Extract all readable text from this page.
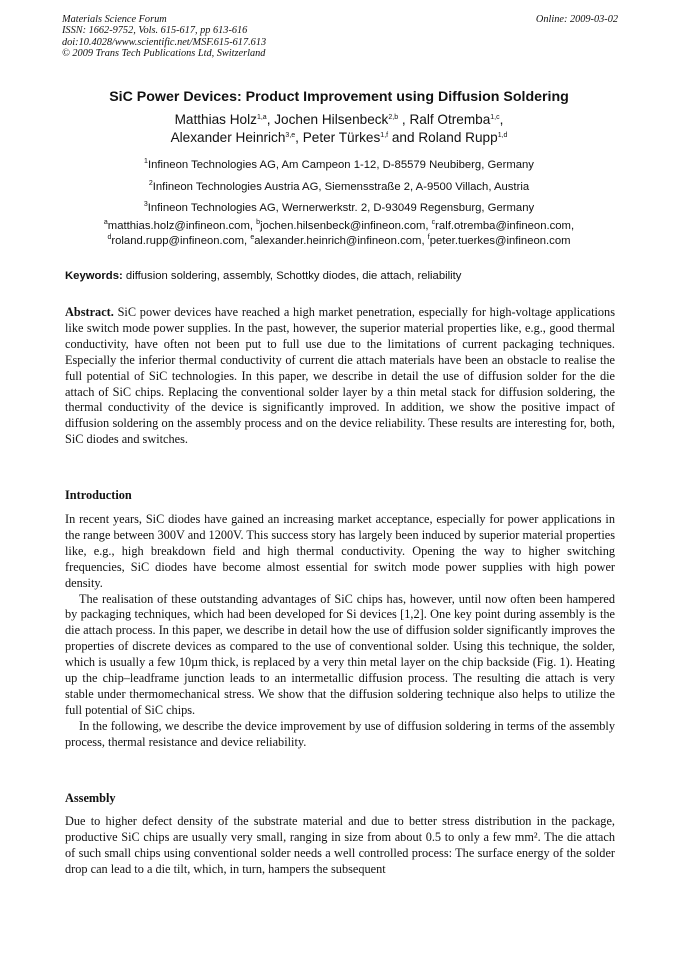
Materials Science Forum
ISSN: 1662-9752, Vols. 615-617, pp 613-616
doi:10.4028/www.scientific.net/MSF.615-617.613
© 2009 Trans Tech Publications Ltd, Switzerland
Online: 2009-03-02
SiC Power Devices: Product Improvement using Diffusion Soldering
Matthias Holz$^{1,a}$, Jochen Hilsenbeck$^{2,b}$ , Ralf Otremba$^{1,c}$,
Alexander Heinrich$^{3,e}$, Peter Türkes$^{1,f}$ and Roland Rupp$^{1,d}$
$^1$Infineon Technologies AG, Am Campeon 1-12, D-85579 Neubiberg, Germany
$^2$Infineon Technologies Austria AG, Siemensstraße 2, A-9500 Villach, Austria
$^3$Infineon Technologies AG, Wernerwerkstr. 2, D-93049 Regensburg, Germany
$^a$matthias.holz@infineon.com, $^b$jochen.hilsenbeck@infineon.com, $^c$ralf.otremba@infineon.com,
$^d$roland.rupp@infineon.com, $^e$alexander.heinrich@infineon.com, $^f$peter.tuerkes@infineon.com
Keywords: diffusion soldering, assembly, Schottky diodes, die attach, reliability

Abstract. SiC power devices have reached a high market penetration, especially for high-voltage applications like switch mode power supplies. In the past, however, the superior material properties like, e.g., good thermal conductivity, have often not been put to full use due to the limitations of current packaging techniques. Especially the inferior thermal conductivity of current die attach materials have been an obstacle to realise the full potential of SiC technologies. In this paper, we describe in detail the use of diffusion solder for the die attach of SiC chips. Replacing the conventional solder layer by a thin metal stack for diffusion soldering, the thermal conductivity of the device is significantly improved. In addition, we show the positive impact of diffusion soldering on the assembly process and on the device reliability. These results are interesting for, both, SiC diodes and switches.

Introduction

In recent years, SiC diodes have gained an increasing market acceptance, especially for power applications in the range between 300V and 1200V. This success story has largely been induced by superior material properties like, e.g., high breakdown field and high thermal conductivity. Opening the way to higher switching frequencies, SiC diodes have become almost essential for switch mode power supplies with high power density.

The realisation of these outstanding advantages of SiC chips has, however, until now often been hampered by packaging techniques, which had been developed for Si devices [1,2]. One key point during assembly is the die attach process. In this paper, we describe in detail how the use of diffusion solder significantly improves the properties of discrete devices as compared to the use of conventional solder. Using this technique, the solder, which is usually a few 10µm thick, is replaced by a very thin metal layer on the chip backside (Fig. 1). Heating up the chip–leadframe junction leads to an intermetallic diffusion process. The resulting die attach is very stable under thermomechanical stress. We show that the diffusion soldering technique also helps to utilize the full potential of SiC chips.

In the following, we describe the device improvement by use of diffusion soldering in terms of the assembly process, thermal resistance and device reliability.

Assembly

Due to higher defect density of the substrate material and due to better stress distribution in the package, productive SiC chips are usually very small, ranging in size from about 0.5 to only a few mm². The die attach of such small chips using conventional solder needs a well controlled process: The surface energy of the solder drop can lead to a die tilt, which, in turn, hampers the subsequent
